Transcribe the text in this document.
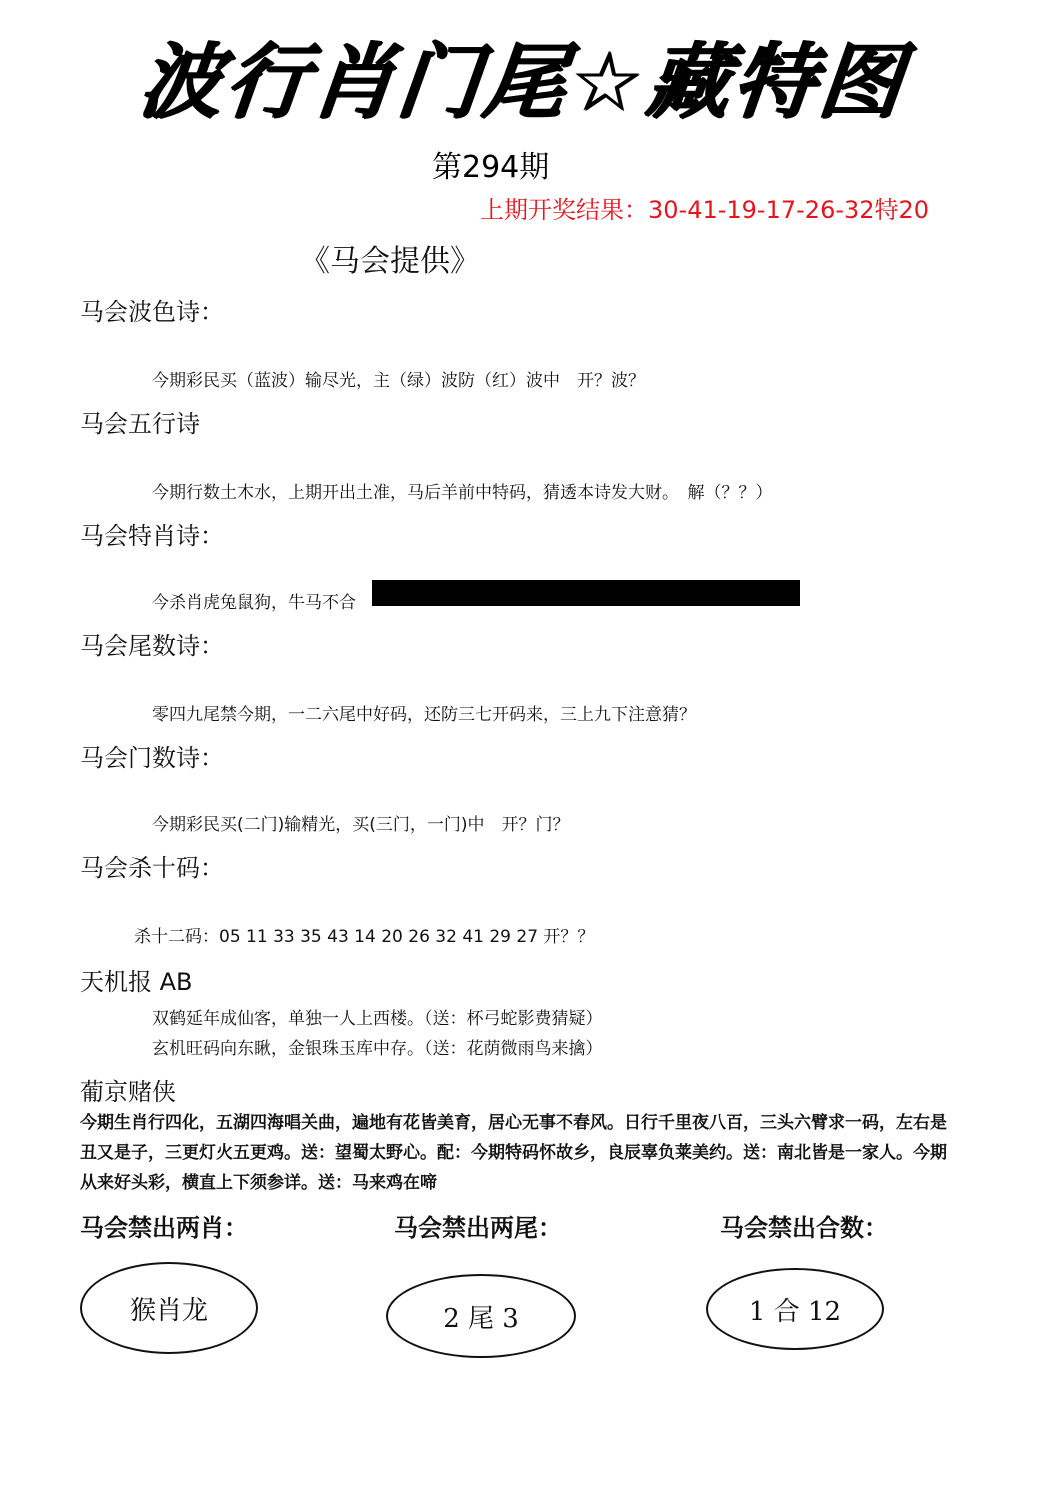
波行肖门尾☆藏特图
第294期
上期开奖结果：30-41-19-17-26-32特20
《马会提供》
马会波色诗：
今期彩民买（蓝波）输尽光，主（绿）波防（红）波中　开？波？
马会五行诗
今期行数土木水，上期开出土准，马后羊前中特码，猜透本诗发大财。　解（？？）
马会特肖诗：
今杀肖虎兔鼠狗，牛马不合
马会尾数诗：
零四九尾禁今期，一二六尾中好码，还防三七开码来，三上九下注意猜？
马会门数诗：
今期彩民买(二门)输精光，买(三门，一门)中　开？门？
马会杀十码：
杀十二码：05 11 33 35 43 14 20 26 32 41 29 27 开？？
天机报 AB
双鹤延年成仙客，单独一人上西楼。（送：杯弓蛇影费猜疑）
玄机旺码向东瞅，金银珠玉库中存。（送：花荫微雨鸟来擒）
葡京赌侠
今期生肖行四化，五湖四海唱关曲，遍地有花皆美育，居心无事不春风。日行千里夜八百，三头六臂求一码，左右是丑又是子，三更灯火五更鸡。送：望蜀太野心。配：今期特码怀故乡，良辰辜负莱美约。送：南北皆是一家人。今期从来好头彩，横直上下须参详。送：马来鸡在啼
马会禁出两肖：	马会禁出两尾：	马会禁出合数：
猴肖龙	2 尾 3	1 合 12
